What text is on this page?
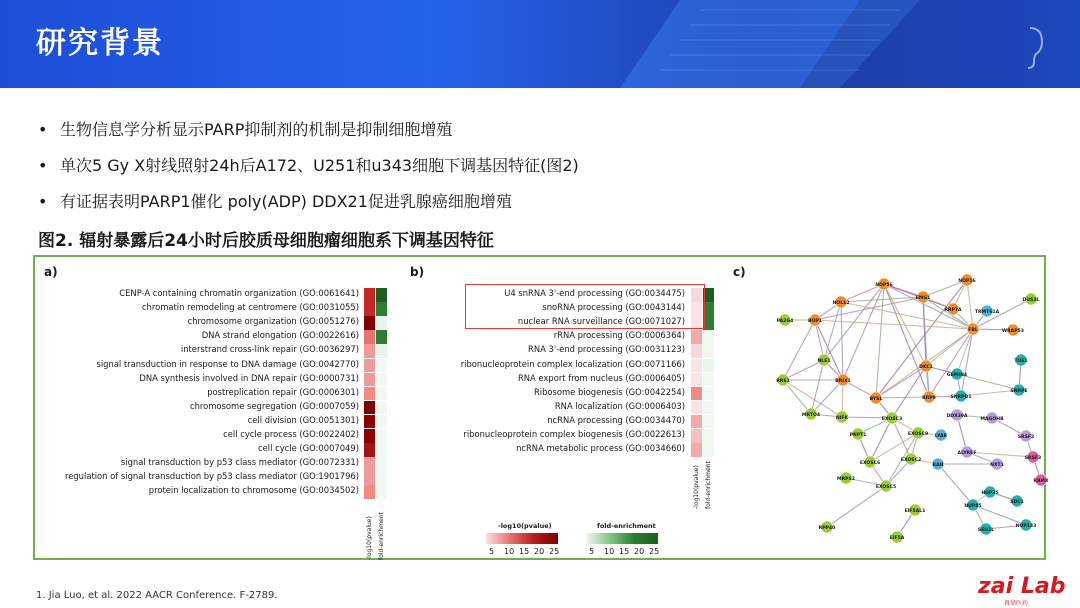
研究背景
• 生物信息学分析显示PARP抑制剂的机制是抑制细胞增殖
• 单次5 Gy X射线照射24h后A172、U251和u343细胞下调基因特征(图2)
• 有证据表明PARP1催化 poly(ADP) DDX21促进乳腺癌细胞增殖
图2. 辐射暴露后24小时后胶质母细胞瘤细胞系下调基因特征
a)	b)	c)
CENP-A containing chromatin organization (GO:0061641)
chromatin remodeling at centromere (GO:0031055)
chromosome organization (GO:0051276)
DNA strand elongation (GO:0022616)
interstrand cross-link repair (GO:0036297)
signal transduction in response to DNA damage (GO:0042770)
DNA synthesis involved in DNA repair (GO:0000731)
postreplication repair (GO:0006301)
chromosome segregation (GO:0007059)
cell division (GO:0051301)
cell cycle process (GO:0022402)
cell cycle (GO:0007049)
signal transduction by p53 class mediator (GO:0072331)
regulation of signal transduction by p53 class mediator (GO:1901796)
protein localization to chromosome (GO:0034502)
-log10(pvalue) fold-enrichment
U4 snRNA 3'-end processing (GO:0034475)
snoRNA processing (GO:0043144)
nuclear RNA surveillance (GO:0071027)
rRNA processing (GO:0006364)
RNA 3'-end processing (GO:0031123)
ribonucleoprotein complex localization (GO:0071166)
RNA export from nucleus (GO:0006405)
Ribosome biogenesis (GO:0042254)
RNA localization (GO:0006403)
ncRNA processing (GO:0034470)
ribonucleoprotein complex biogenesis (GO:0022613)
ncRNA metabolic process (GO:0034660)
-log10(pvalue) fold-enrichment
-log10(pvalue)
5 10 15 20 25
fold-enrichment
5 10 15 20 25
NOP56
NOP16
NOL12
EMG1	DUS3L
RRP7A	TRMT61A
PA2G4	BOP1
FBL	WRAP53
NLE1	TOE1
DKC1
GEMIN4
RRS1	BRIX1
SNRPE
BYSL	RRP9	SNRPD1
MRTO4
NIFK	EXOSC3
DDX39A
MAGOHB
PNPT1	EXOSC9 LYAR	SRSF2
ALYREF
SRSF3
EXOSC6
EXOSC2
RAN	NXT1
MRPS2
EXOSC5
RBMX
NUP35
NUP85
SDC1
EIF5AL1
SEH1L
NUP133
RPP40
EIF5A
1. Jia Luo, et al. 2022 AACR Conference. F-2789.	zai Lab
再鼎医药
